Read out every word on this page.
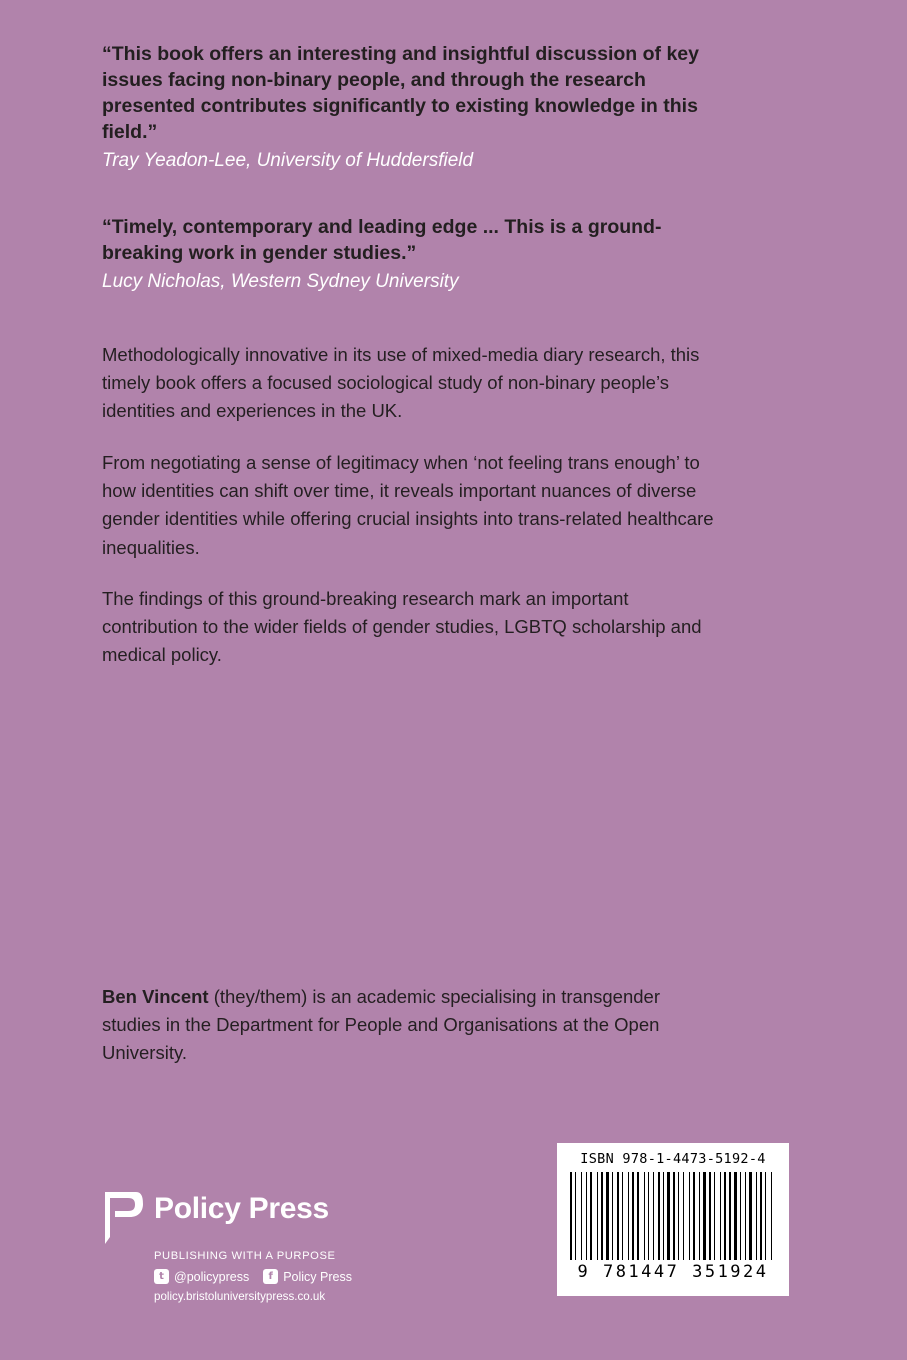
“This book offers an interesting and insightful discussion of key issues facing non-binary people, and through the research presented contributes significantly to existing knowledge in this field.”

Tray Yeadon-Lee, University of Huddersfield

“Timely, contemporary and leading edge ... This is a ground-breaking work in gender studies.”

Lucy Nicholas, Western Sydney University

Methodologically innovative in its use of mixed-media diary research, this timely book offers a focused sociological study of non-binary people’s identities and experiences in the UK.

From negotiating a sense of legitimacy when ‘not feeling trans enough’ to how identities can shift over time, it reveals important nuances of diverse gender identities while offering crucial insights into trans-related healthcare inequalities.

The findings of this ground-breaking research mark an important contribution to the wider fields of gender studies, LGBTQ scholarship and medical policy.

Ben Vincent (they/them) is an academic specialising in transgender studies in the Department for People and Organisations at the Open University.
Policy Press
PUBLISHING WITH A PURPOSE
t @policypress	f Policy Press
policy.bristoluniversitypress.co.uk
ISBN 978-1-4473-5192-4
9 781447 351924
